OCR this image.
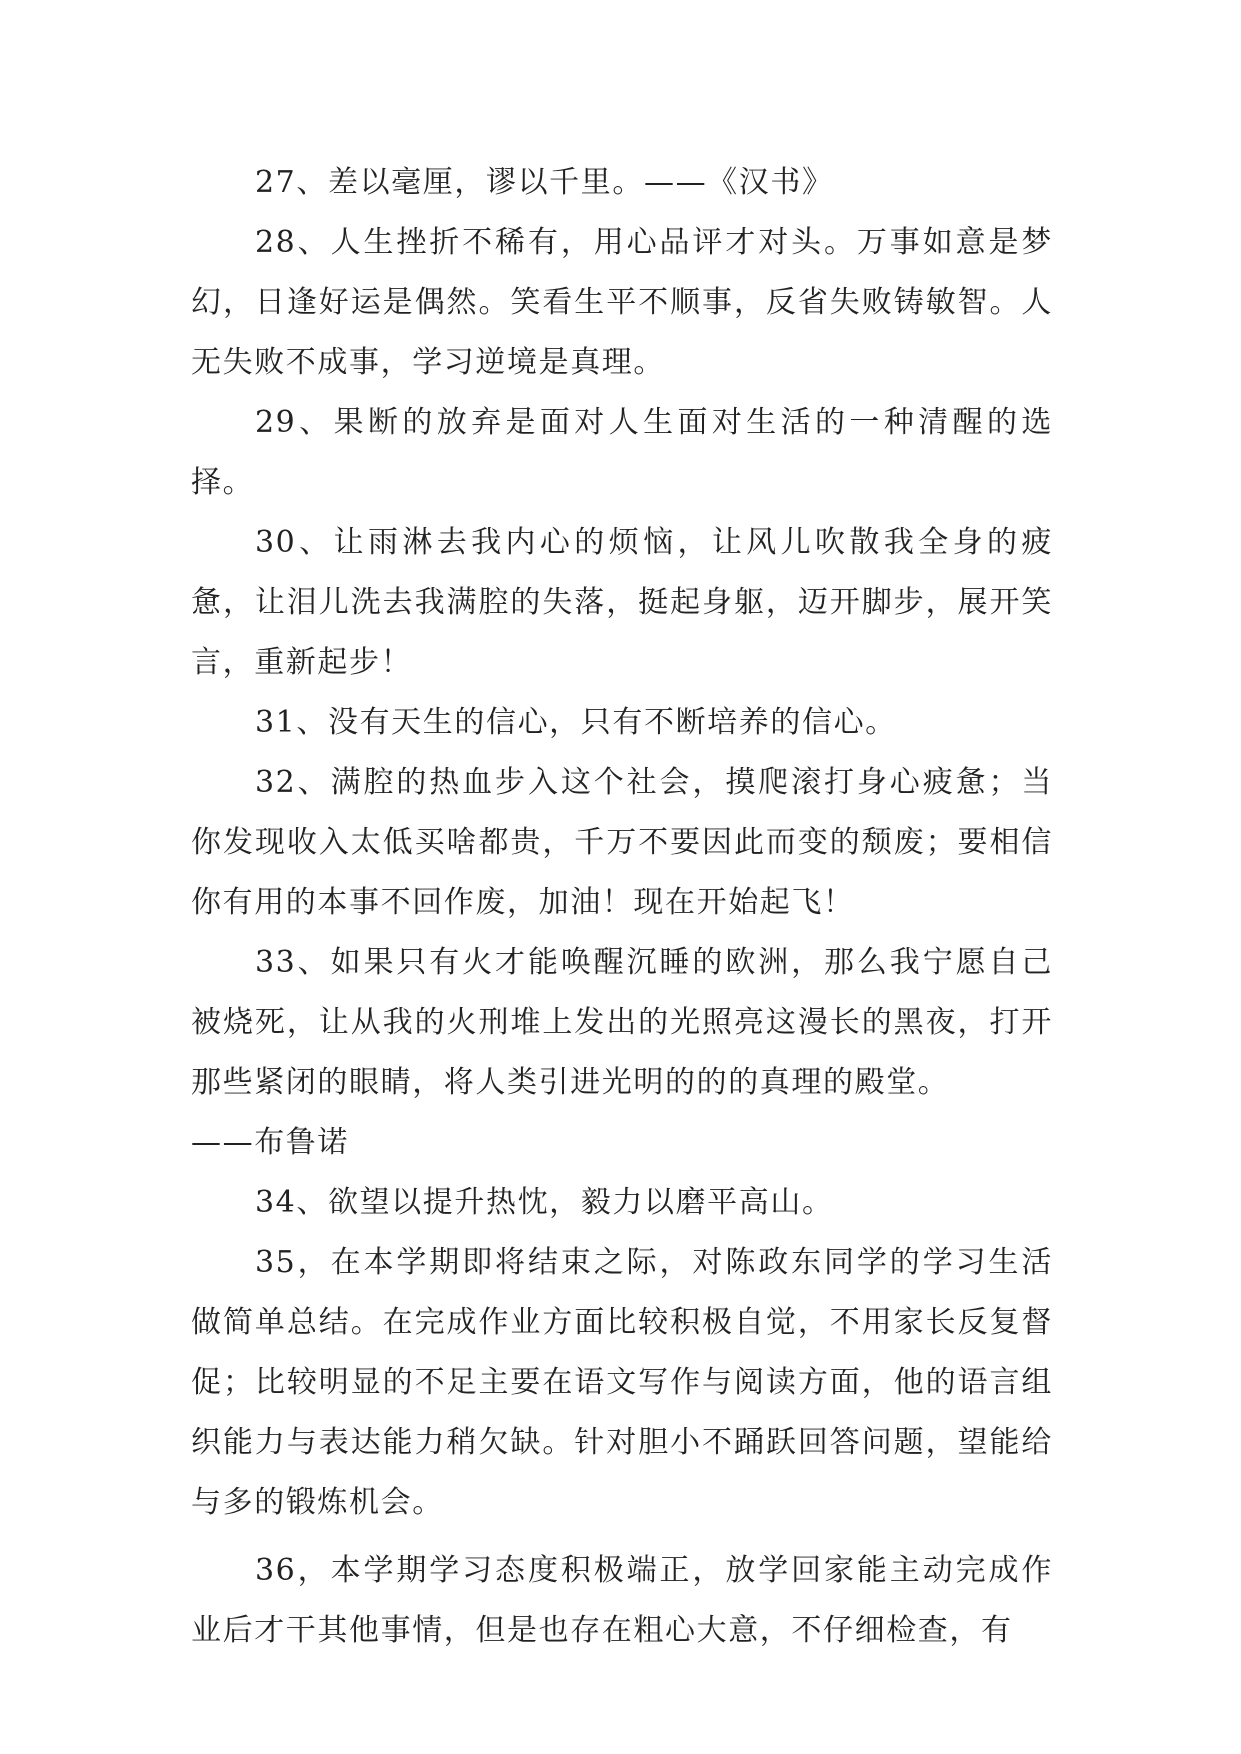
27、差以毫厘，谬以千里。——《汉书》

28、人生挫折不稀有，用心品评才对头。万事如意是梦幻，日逢好运是偶然。笑看生平不顺事，反省失败铸敏智。人无失败不成事，学习逆境是真理。

29、果断的放弃是面对人生面对生活的一种清醒的选择。

30、让雨淋去我内心的烦恼，让风儿吹散我全身的疲惫，让泪儿洗去我满腔的失落，挺起身躯，迈开脚步，展开笑言，重新起步！

31、没有天生的信心，只有不断培养的信心。

32、满腔的热血步入这个社会，摸爬滚打身心疲惫；当你发现收入太低买啥都贵，千万不要因此而变的颓废；要相信你有用的本事不回作废，加油！现在开始起飞！

33、如果只有火才能唤醒沉睡的欧洲，那么我宁愿自己被烧死，让从我的火刑堆上发出的光照亮这漫长的黑夜，打开那些紧闭的眼睛，将人类引进光明的的的真理的殿堂。

——布鲁诺

34、欲望以提升热忱，毅力以磨平高山。

35，在本学期即将结束之际，对陈政东同学的学习生活做简单总结。在完成作业方面比较积极自觉，不用家长反复督促；比较明显的不足主要在语文写作与阅读方面，他的语言组织能力与表达能力稍欠缺。针对胆小不踊跃回答问题，望能给与多的锻炼机会。

36，本学期学习态度积极端正，放学回家能主动完成作业后才干其他事情，但是也存在粗心大意，不仔细检查，有
